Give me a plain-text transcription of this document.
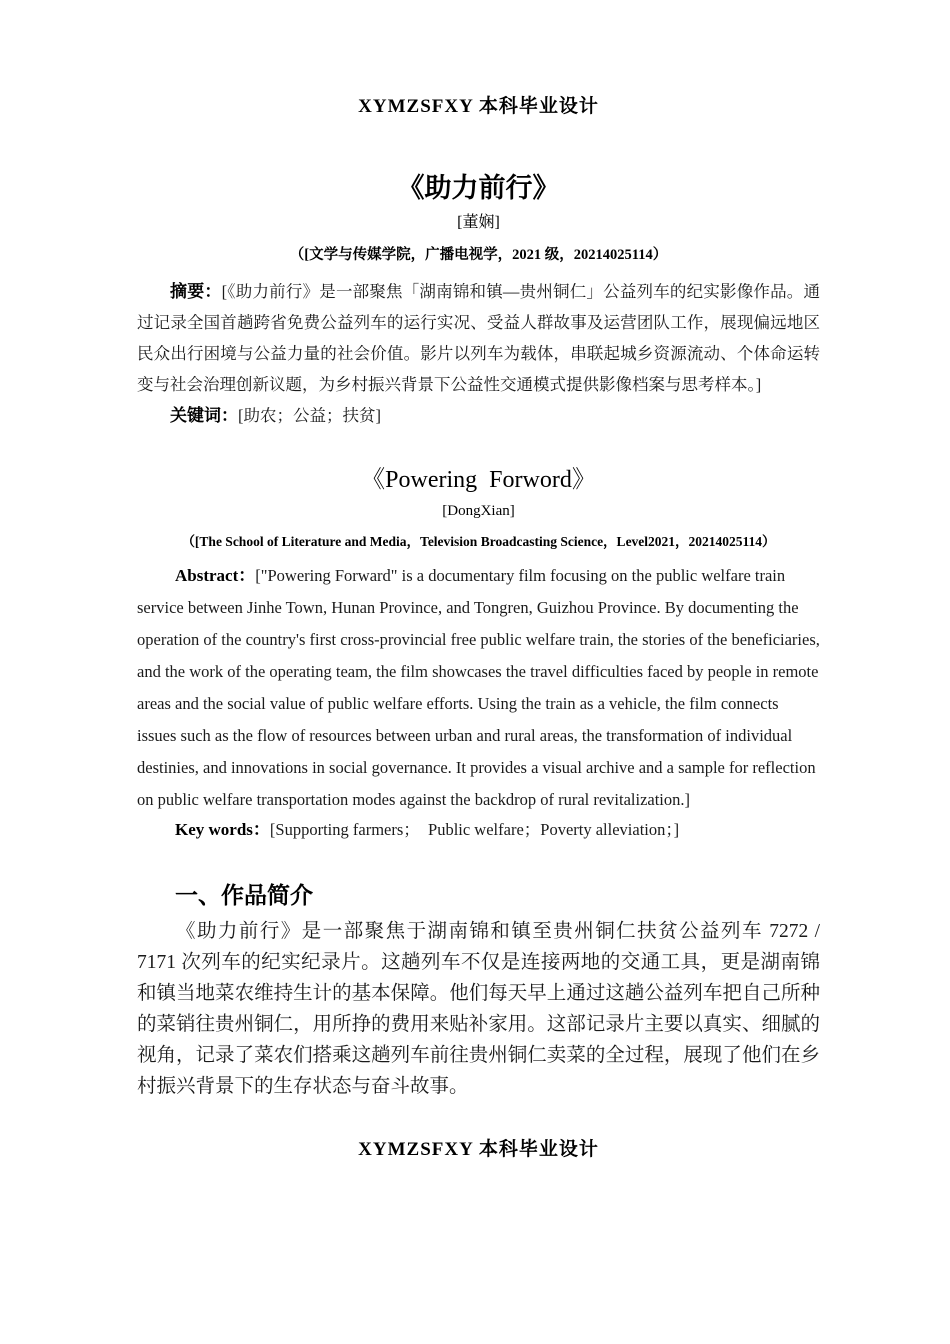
XYMZSFXY 本科毕业设计
《助力前行》
[董娴]
（[文学与传媒学院，广播电视学，2021 级，20214025114）

摘要：[《助力前行》是一部聚焦「湖南锦和镇—贵州铜仁」公益列车的纪实影像作品。通过记录全国首趟跨省免费公益列车的运行实况、受益人群故事及运营团队工作，展现偏远地区民众出行困境与公益力量的社会价值。影片以列车为载体，串联起城乡资源流动、个体命运转变与社会治理创新议题，为乡村振兴背景下公益性交通模式提供影像档案与思考样本。]

关键词：[助农；公益；扶贫]

《Powering  Forword》
[DongXian]
（[The School of Literature and Media，Television Broadcasting Science，Level2021，20214025114）

Abstract：["Powering Forward" is a documentary film focusing on the public welfare train service between Jinhe Town, Hunan Province, and Tongren, Guizhou Province. By documenting the operation of the country's first cross-provincial free public welfare train, the stories of the beneficiaries, and the work of the operating team, the film showcases the travel difficulties faced by people in remote areas and the social value of public welfare efforts. Using the train as a vehicle, the film connects issues such as the flow of resources between urban and rural areas, the transformation of individual destinies, and innovations in social governance. It provides a visual archive and a sample for reflection on public welfare transportation modes against the backdrop of rural revitalization.]

Key words：[Supporting farmers；  Public welfare；Poverty alleviation；]

一、作品简介

《助力前行》是一部聚焦于湖南锦和镇至贵州铜仁扶贫公益列车 7272 / 7171 次列车的纪实纪录片。这趟列车不仅是连接两地的交通工具，更是湖南锦和镇当地菜农维持生计的基本保障。他们每天早上通过这趟公益列车把自己所种的菜销往贵州铜仁，用所挣的费用来贴补家用。这部记录片主要以真实、细腻的视角，记录了菜农们搭乘这趟列车前往贵州铜仁卖菜的全过程，展现了他们在乡村振兴背景下的生存状态与奋斗故事。

XYMZSFXY 本科毕业设计
